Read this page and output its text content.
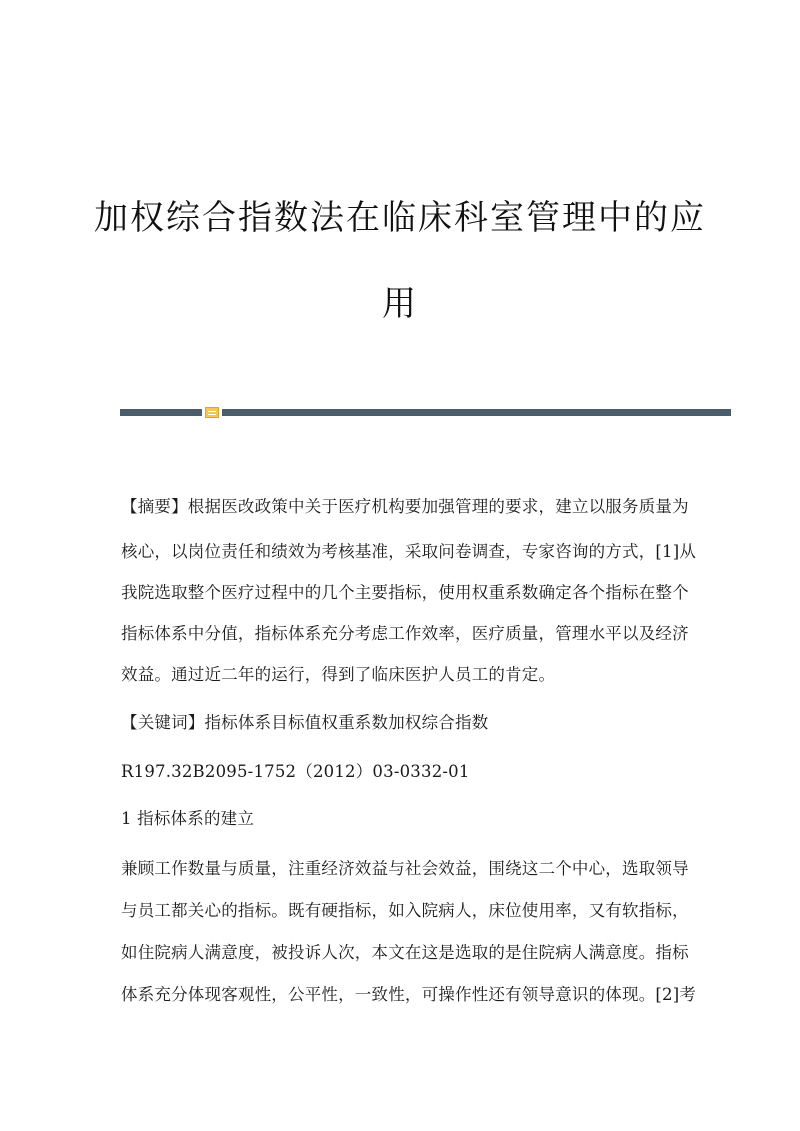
加权综合指数法在临床科室管理中的应
用
【摘要】根据医改政策中关于医疗机构要加强管理的要求，建立以服务质量为
核心，以岗位责任和绩效为考核基准，采取问卷调查，专家咨询的方式，[1]从
我院选取整个医疗过程中的几个主要指标，使用权重系数确定各个指标在整个
指标体系中分值，指标体系充分考虑工作效率，医疗质量，管理水平以及经济
效益。通过近二年的运行，得到了临床医护人员工的肯定。
【关键词】指标体系目标值权重系数加权综合指数
R197.32B2095-1752（2012）03-0332-01
1 指标体系的建立
兼顾工作数量与质量，注重经济效益与社会效益，围绕这二个中心，选取领导
与员工都关心的指标。既有硬指标，如入院病人，床位使用率，又有软指标，
如住院病人满意度，被投诉人次，本文在这是选取的是住院病人满意度。指标
体系充分体现客观性，公平性，一致性，可操作性还有领导意识的体现。[2]考
